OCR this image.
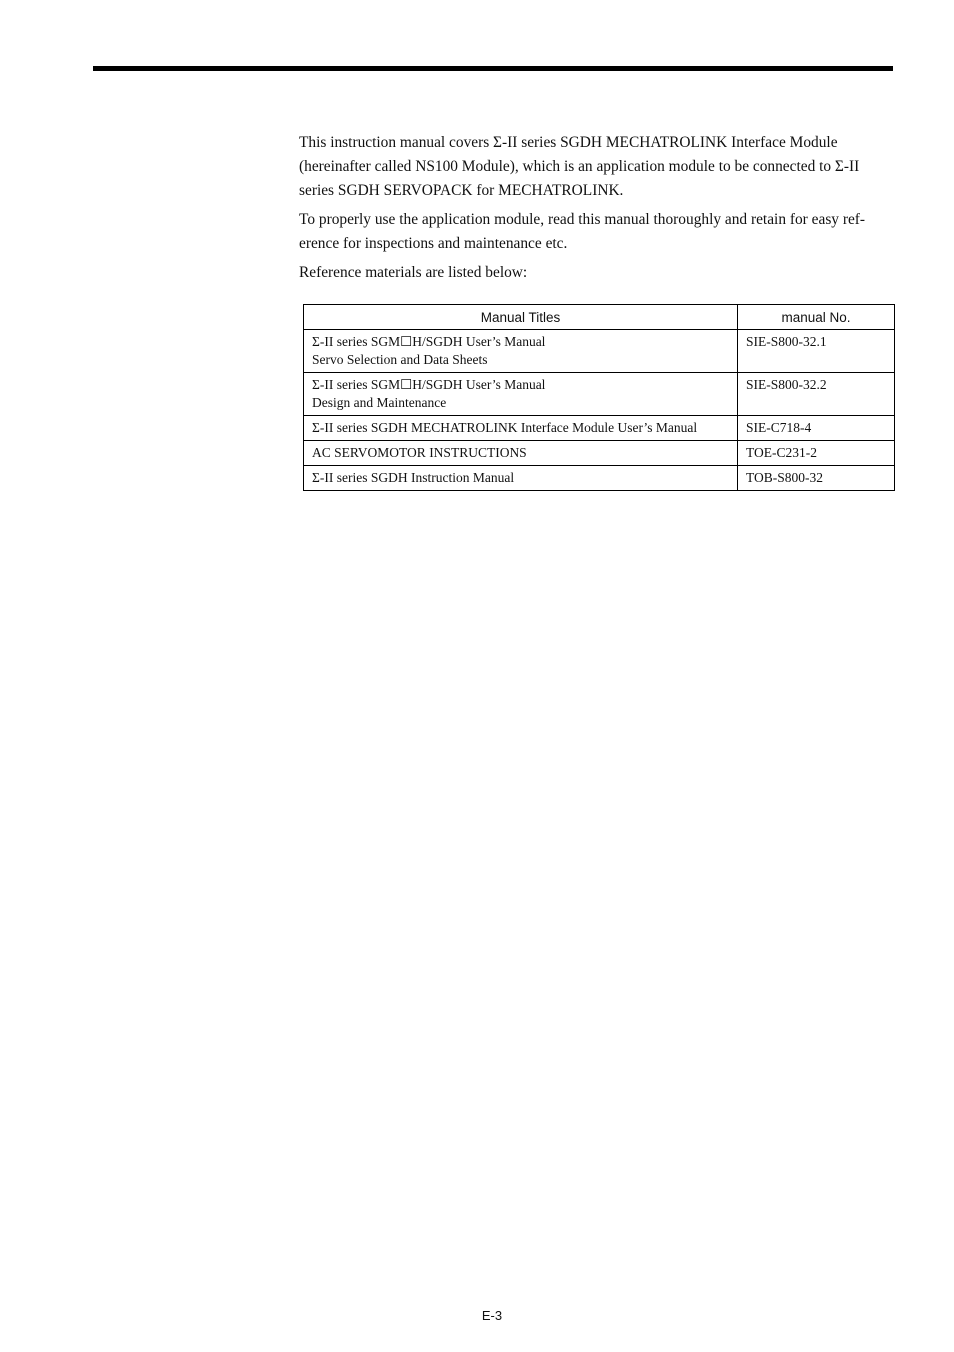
This instruction manual covers Σ-II series SGDH MECHATROLINK Interface Module (hereinafter called NS100 Module), which is an application module to be connected to Σ-II series SGDH SERVOPACK for MECHATROLINK.

To properly use the application module, read this manual thoroughly and retain for easy ref- erence for inspections and maintenance etc.

Reference materials are listed below:

Manual Titles	manual No.

Σ-II series SGM☐H/SGDH User’s Manual
Servo Selection and Data Sheets	SIE-S800-32.1

Σ-II series SGM☐H/SGDH User’s Manual
Design and Maintenance	SIE-S800-32.2

Σ-II series SGDH MECHATROLINK Interface Module User’s Manual	SIE-C718-4

AC SERVOMOTOR INSTRUCTIONS	TOE-C231-2

Σ-II series SGDH Instruction Manual	TOB-S800-32
E-3
